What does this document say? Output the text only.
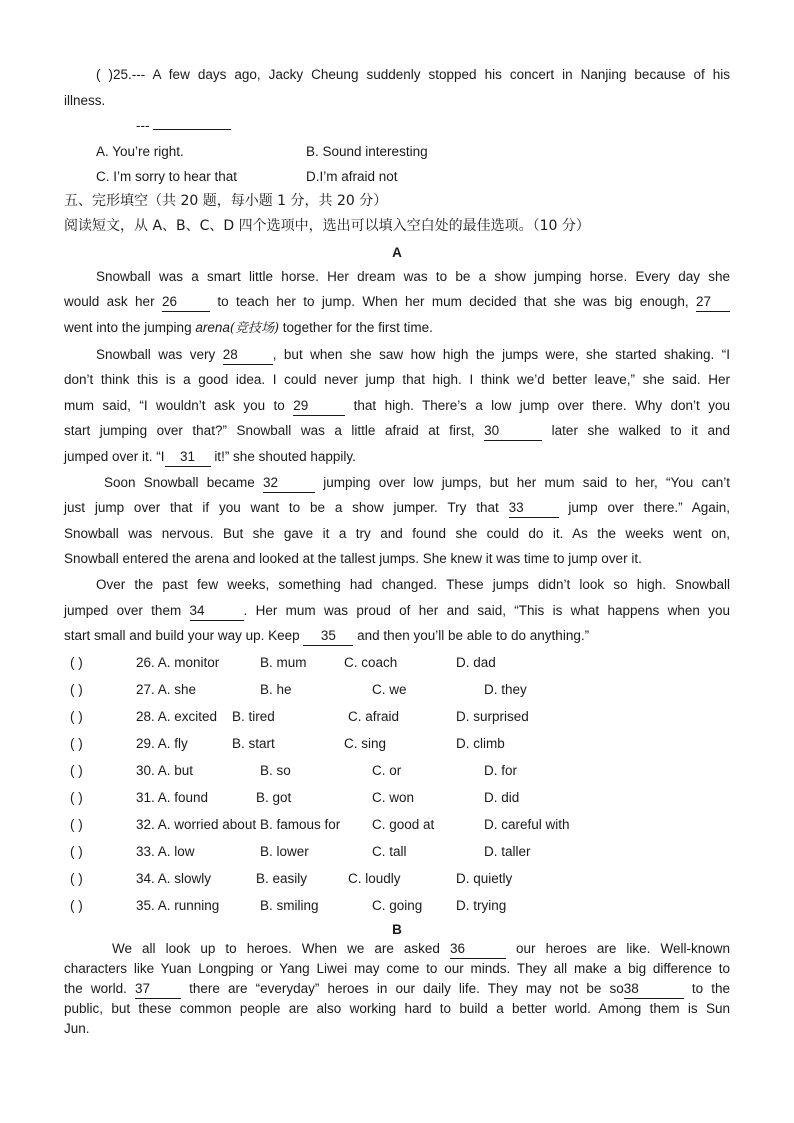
( )25.--- A few days ago, Jacky Cheung suddenly stopped his concert in Nanjing because of his
illness.
---
A. You’re right.	B. Sound interesting
C. I’m sorry to hear that	D.I’m afraid not
五、完形填空（共 20 题，每小题 1 分，共 20 分）
阅读短文，从 A、B、C、D 四个选项中，选出可以填入空白处的最佳选项。（10 分）
A
Snowball was a smart little horse. Her dream was to be a show jumping horse. Every day she
would ask her 26	to teach her to jump. When her mum decided that she was big enough, 27
went into the jumping arena(竞技场) together for the first time.
Snowball was very 28	, but when she saw how high the jumps were, she started shaking. “I
don’t think this is a good idea. I could never jump that high. I think we’d better leave,” she said. Her
mum said, “I wouldn’t ask you to 29	that high. There’s a low jump over there. Why don’t you
start jumping over that?” Snowball was a little afraid at first, 30	later she walked to it and
jumped over it. “I 31 it!” she shouted happily.
Soon Snowball became 32	jumping over low jumps, but her mum said to her, “You can’t
just jump over that if you want to be a show jumper. Try that 33	jump over there.” Again,
Snowball was nervous. But she gave it a try and found she could do it. As the weeks went on,
Snowball entered the arena and looked at the tallest jumps. She knew it was time to jump over it.
Over the past few weeks, something had changed. These jumps didn’t look so high. Snowball
jumped over them 34	. Her mum was proud of her and said, “This is what happens when you
start small and build your way up. Keep 35 and then you’ll be able to do anything.”
( )	26. A. monitor	B. mum	C. coach	D. dad
( )	27. A. she	B. he	C. we	D. they
( )	28. A. excited B. tired	C. afraid	D. surprised
( )	29. A. fly	B. start	C. sing	D. climb
( )	30. A. but	B. so	C. or	D. for
( )	31. A. found	B. got	C. won	D. did
( )	32. A. worried about B. famous for C. good at	D. careful with
( )	33. A. low	B. lower	C. tall	D. taller
( )	34. A. slowly	B. easily	C. loudly	D. quietly
( )	35. A. running	B. smiling	C. going D. trying
B
We all look up to heroes. When we are asked 36	our heroes are like. Well-known
characters like Yuan Longping or Yang Liwei may come to our minds. They all make a big difference to
the world. 37	there are “everyday” heroes in our daily life. They may not be so38	to the
public, but these common people are also working hard to build a better world. Among them is Sun
Jun.
